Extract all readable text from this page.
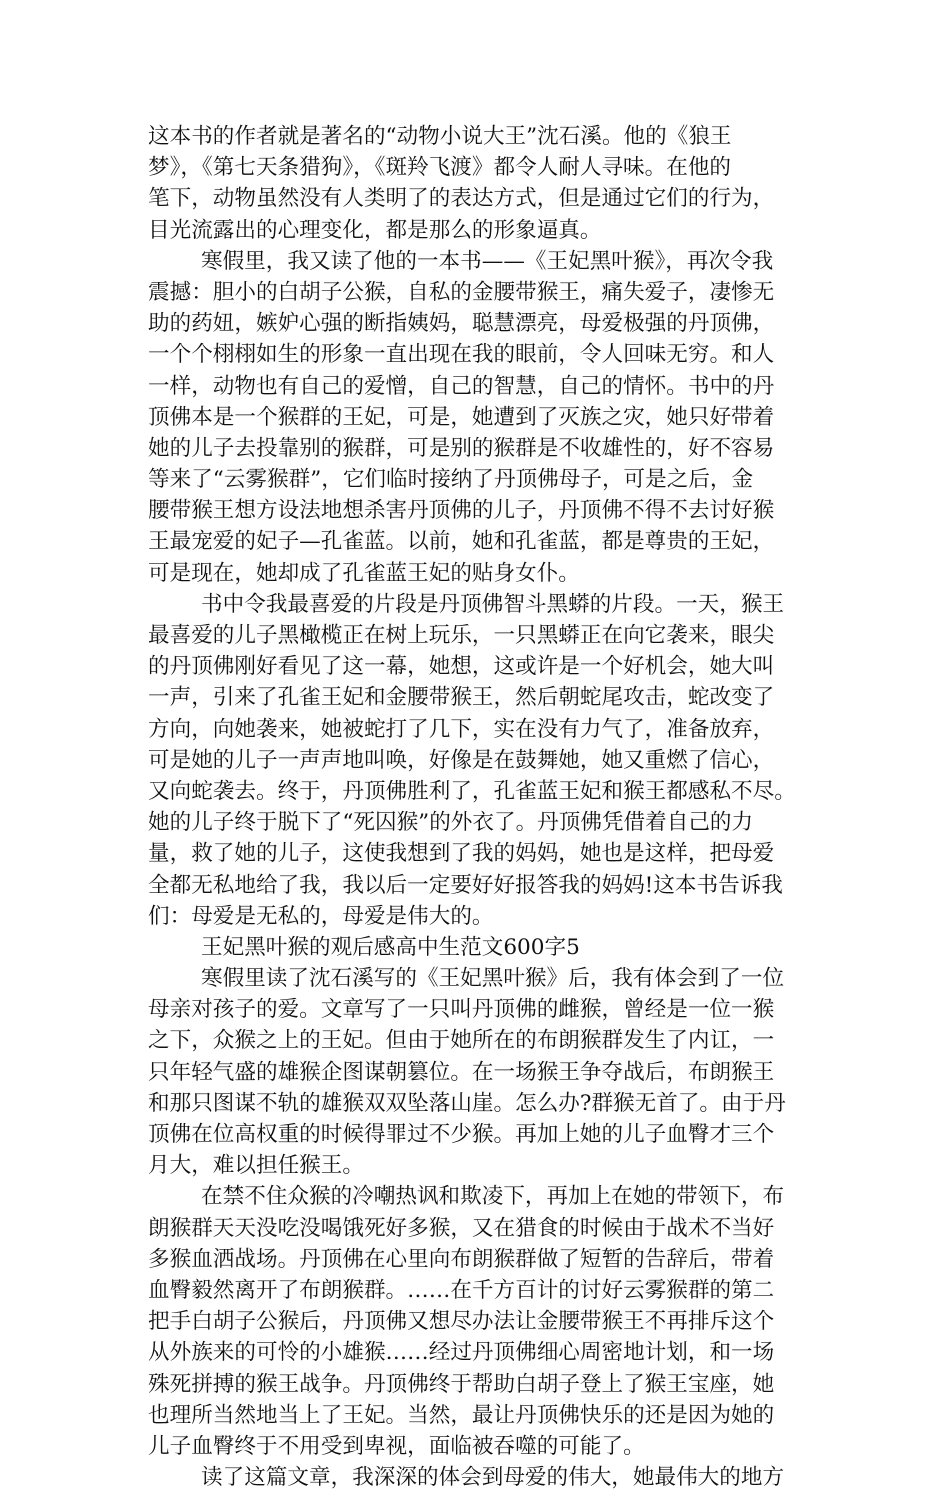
这本书的作者就是著名的“动物小说大王”沈石溪。他的《狼王
梦》，《第七天条猎狗》，《斑羚飞渡》都令人耐人寻味。在他的
笔下，动物虽然没有人类明了的表达方式，但是通过它们的行为，
目光流露出的心理变化，都是那么的形象逼真。
寒假里，我又读了他的一本书——《王妃黑叶猴》，再次令我
震撼：胆小的白胡子公猴，自私的金腰带猴王，痛失爱子，凄惨无
助的药妞，嫉妒心强的断指姨妈，聪慧漂亮，母爱极强的丹顶佛，
一个个栩栩如生的形象一直出现在我的眼前，令人回味无穷。和人
一样，动物也有自己的爱憎，自己的智慧，自己的情怀。书中的丹
顶佛本是一个猴群的王妃，可是，她遭到了灭族之灾，她只好带着
她的儿子去投靠别的猴群，可是别的猴群是不收雄性的，好不容易
等来了“云雾猴群”，它们临时接纳了丹顶佛母子，可是之后，金
腰带猴王想方设法地想杀害丹顶佛的儿子，丹顶佛不得不去讨好猴
王最宠爱的妃子—孔雀蓝。以前，她和孔雀蓝，都是尊贵的王妃，
可是现在，她却成了孔雀蓝王妃的贴身女仆。
书中令我最喜爱的片段是丹顶佛智斗黑蟒的片段。一天，猴王
最喜爱的儿子黑橄榄正在树上玩乐，一只黑蟒正在向它袭来，眼尖
的丹顶佛刚好看见了这一幕，她想，这或许是一个好机会，她大叫
一声，引来了孔雀王妃和金腰带猴王，然后朝蛇尾攻击，蛇改变了
方向，向她袭来，她被蛇打了几下，实在没有力气了，准备放弃，
可是她的儿子一声声地叫唤，好像是在鼓舞她，她又重燃了信心，
又向蛇袭去。终于，丹顶佛胜利了，孔雀蓝王妃和猴王都感私不尽。
她的儿子终于脱下了“死囚猴”的外衣了。丹顶佛凭借着自己的力
量，救了她的儿子，这使我想到了我的妈妈，她也是这样，把母爱
全都无私地给了我，我以后一定要好好报答我的妈妈!这本书告诉我
们：母爱是无私的，母爱是伟大的。
王妃黑叶猴的观后感高中生范文600字5
寒假里读了沈石溪写的《王妃黑叶猴》后，我有体会到了一位
母亲对孩子的爱。文章写了一只叫丹顶佛的雌猴，曾经是一位一猴
之下，众猴之上的王妃。但由于她所在的布朗猴群发生了内讧，一
只年轻气盛的雄猴企图谋朝篡位。在一场猴王争夺战后，布朗猴王
和那只图谋不轨的雄猴双双坠落山崖。怎么办?群猴无首了。由于丹
顶佛在位高权重的时候得罪过不少猴。再加上她的儿子血臀才三个
月大，难以担任猴王。
在禁不住众猴的冷嘲热讽和欺凌下，再加上在她的带领下，布
朗猴群天天没吃没喝饿死好多猴，又在猎食的时候由于战术不当好
多猴血洒战场。丹顶佛在心里向布朗猴群做了短暂的告辞后，带着
血臀毅然离开了布朗猴群。……在千方百计的讨好云雾猴群的第二
把手白胡子公猴后，丹顶佛又想尽办法让金腰带猴王不再排斥这个
从外族来的可怜的小雄猴……经过丹顶佛细心周密地计划，和一场
殊死拼搏的猴王战争。丹顶佛终于帮助白胡子登上了猴王宝座，她
也理所当然地当上了王妃。当然，最让丹顶佛快乐的还是因为她的
儿子血臀终于不用受到卑视，面临被吞噬的可能了。
读了这篇文章，我深深的体会到母爱的伟大，她最伟大的地方
